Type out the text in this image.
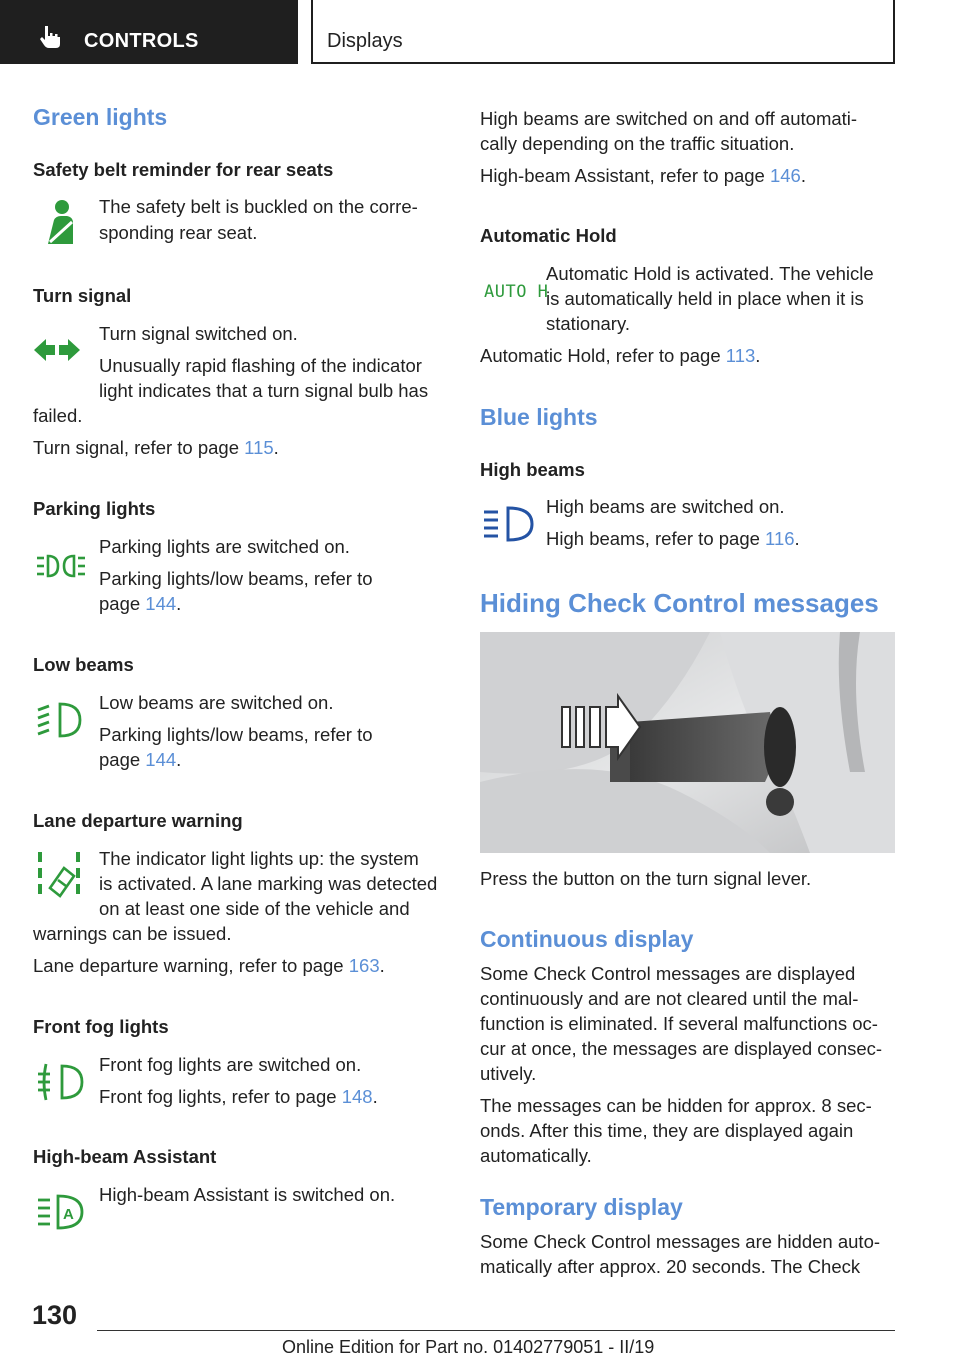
CONTROLS	Displays
Green lights
Safety belt reminder for rear seats
The safety belt is buckled on the corre-
sponding rear seat.
Turn signal
Turn signal switched on.
Unusually rapid flashing of the indicator
light indicates that a turn signal bulb has
failed.
Turn signal, refer to page 115.
Parking lights
Parking lights are switched on.
Parking lights/low beams, refer to
page 144.
Low beams
Low beams are switched on.
Parking lights/low beams, refer to
page 144.
Lane departure warning
The indicator light lights up: the system
is activated. A lane marking was detected
on at least one side of the vehicle and
warnings can be issued.
Lane departure warning, refer to page 163.
Front fog lights
Front fog lights are switched on.
Front fog lights, refer to page 148.
High-beam Assistant
A
High-beam Assistant is switched on.
High beams are switched on and off automati-
cally depending on the traffic situation.
High-beam Assistant, refer to page 146.
Automatic Hold
AUTO H
Automatic Hold is activated. The vehicle
is automatically held in place when it is
stationary.
Automatic Hold, refer to page 113.
Blue lights
High beams
High beams are switched on.
High beams, refer to page 116.
Hiding Check Control messages
Press the button on the turn signal lever.
Continuous display
Some Check Control messages are displayed
continuously and are not cleared until the mal-
function is eliminated. If several malfunctions oc-
cur at once, the messages are displayed consec-
utively.
The messages can be hidden for approx. 8 sec-
onds. After this time, they are displayed again
automatically.
Temporary display
Some Check Control messages are hidden auto-
matically after approx. 20 seconds. The Check
130
Online Edition for Part no. 01402779051 - II/19
